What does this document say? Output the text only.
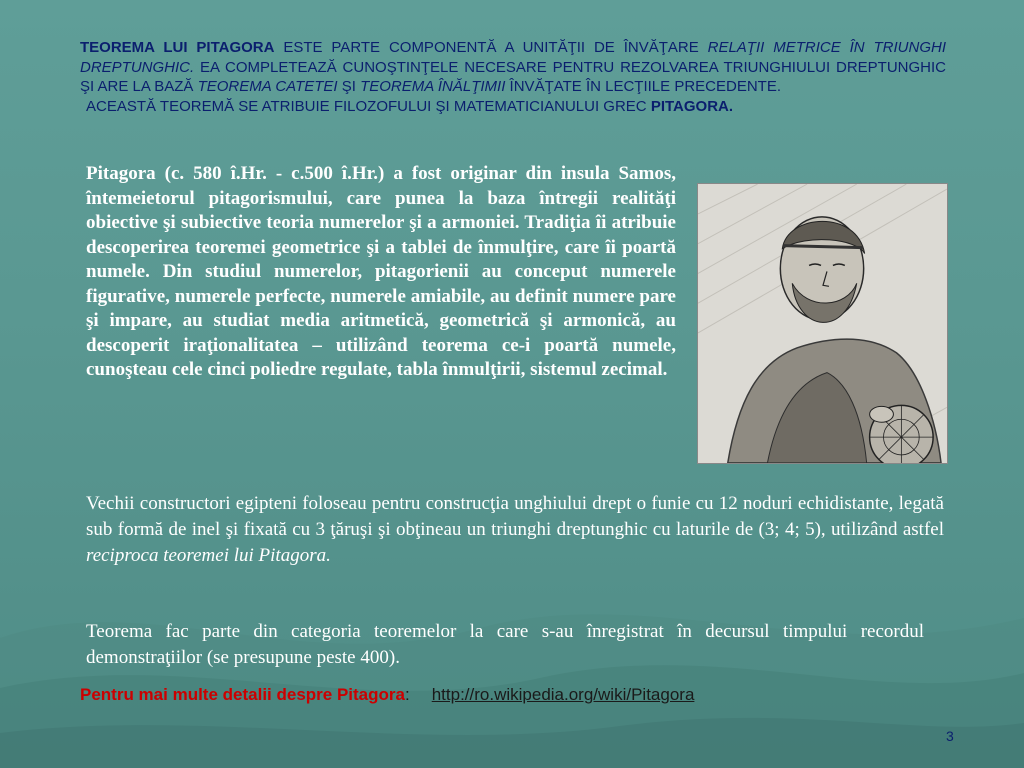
TEOREMA LUI PITAGORA ESTE PARTE COMPONENTĂ A UNITĂŢII DE ÎNVĂŢARE RELAŢII METRICE ÎN TRIUNGHI DREPTUNGHIC. EA COMPLETEAZĂ CUNOŞTINŢELE NECESARE PENTRU REZOLVAREA TRIUNGHIULUI DREPTUNGHIC ŞI ARE LA BAZĂ TEOREMA CATETEI ŞI TEOREMA ÎNĂLŢIMII ÎNVĂŢATE ÎN LECŢIILE PRECEDENTE.
ACEASTĂ TEOREMĂ SE ATRIBUIE FILOZOFULUI ŞI MATEMATICIANULUI GREC PITAGORA.
Pitagora (c. 580 î.Hr. - c.500 î.Hr.) a fost originar din insula Samos, întemeietorul pitagorismului, care punea la baza întregii realităţi obiective şi subiective teoria numerelor şi a armoniei. Tradiţia îi atribuie descoperirea teoremei geometrice şi a tablei de înmulţire, care îi poartă numele. Din studiul numerelor, pitagorienii au conceput numerele figurative, numerele perfecte, numerele amiabile, au definit numere pare şi impare, au studiat media aritmetică, geometrică şi armonică, au descoperit iraţionalitatea – utilizând teorema ce-i poartă numele, cunoşteau cele cinci poliedre regulate, tabla înmulţirii, sistemul zecimal.
Vechii constructori egipteni foloseau pentru construcţia unghiului drept o funie cu 12 noduri echidistante, legată sub formă de inel şi fixată cu 3 ţăruşi şi obţineau un triunghi dreptunghic cu laturile de (3; 4; 5), utilizând astfel reciproca teoremei lui Pitagora.
Teorema fac parte din categoria teoremelor la care s-au înregistrat în decursul timpului recordul demonstraţiilor (se presupune peste 400).
Pentru mai multe detalii despre Pitagora: http://ro.wikipedia.org/wiki/Pitagora
3
